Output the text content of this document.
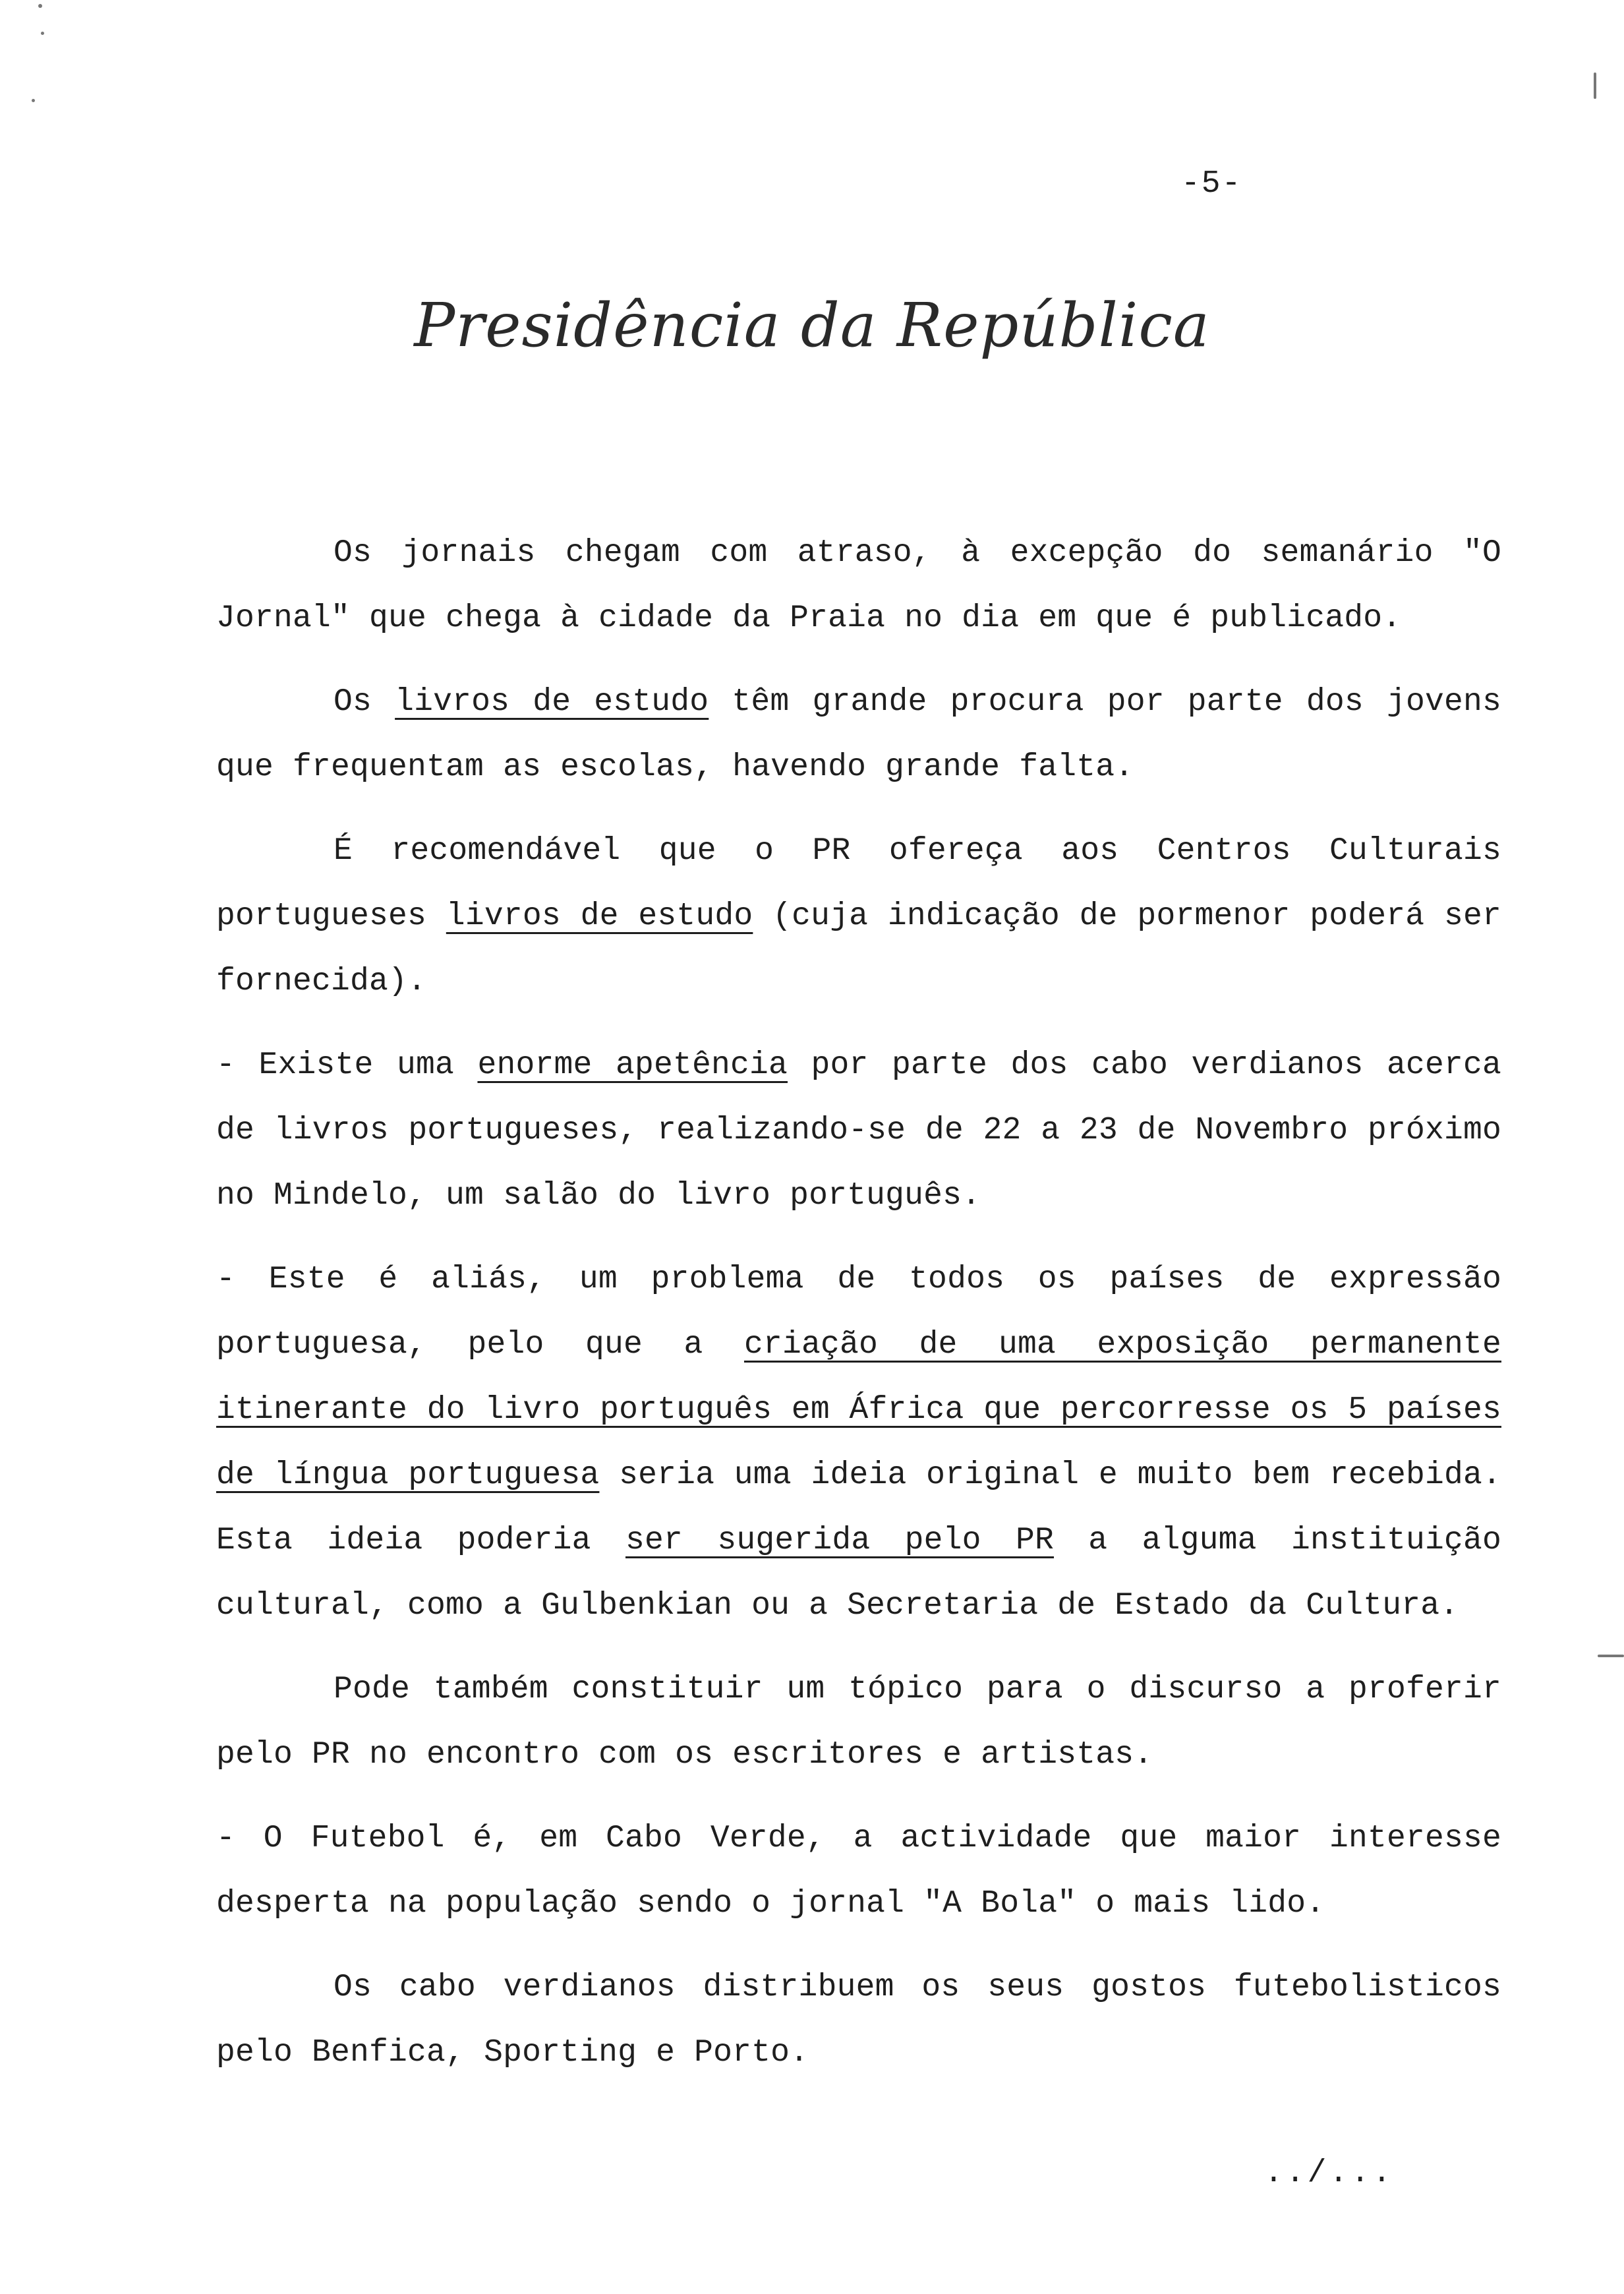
-5-
Presidência da República

Os jornais chegam com atraso, à excepção do semanário "O Jornal" que chega à cidade da Praia no dia em que é publicado.

Os livros de estudo têm grande procura por parte dos jovens que frequentam as escolas, havendo grande falta.

É recomendável que o PR ofereça aos Centros Culturais portugueses livros de estudo (cuja indicação de pormenor poderá ser fornecida).

- Existe uma enorme apetência por parte dos cabo verdianos acerca de livros portugueses, realizando-se de 22 a 23 de Novembro próximo no Mindelo, um salão do livro português.

- Este é aliás, um problema de todos os países de expressão portuguesa, pelo que a criação de uma exposição permanente itinerante do livro português em África que percorresse os 5 países de língua portuguesa seria uma ideia original e muito bem recebida. Esta ideia poderia ser sugerida pelo PR a alguma instituição cultural, como a Gulbenkian ou a Secretaria de Estado da Cultura.

Pode também constituir um tópico para o discurso a proferir pelo PR no encontro com os escritores e artistas.

- O Futebol é, em Cabo Verde, a actividade que maior interesse desperta na população sendo o jornal "A Bola" o mais lido.

Os cabo verdianos distribuem os seus gostos futebolisticos pelo Benfica, Sporting e Porto.

../...
